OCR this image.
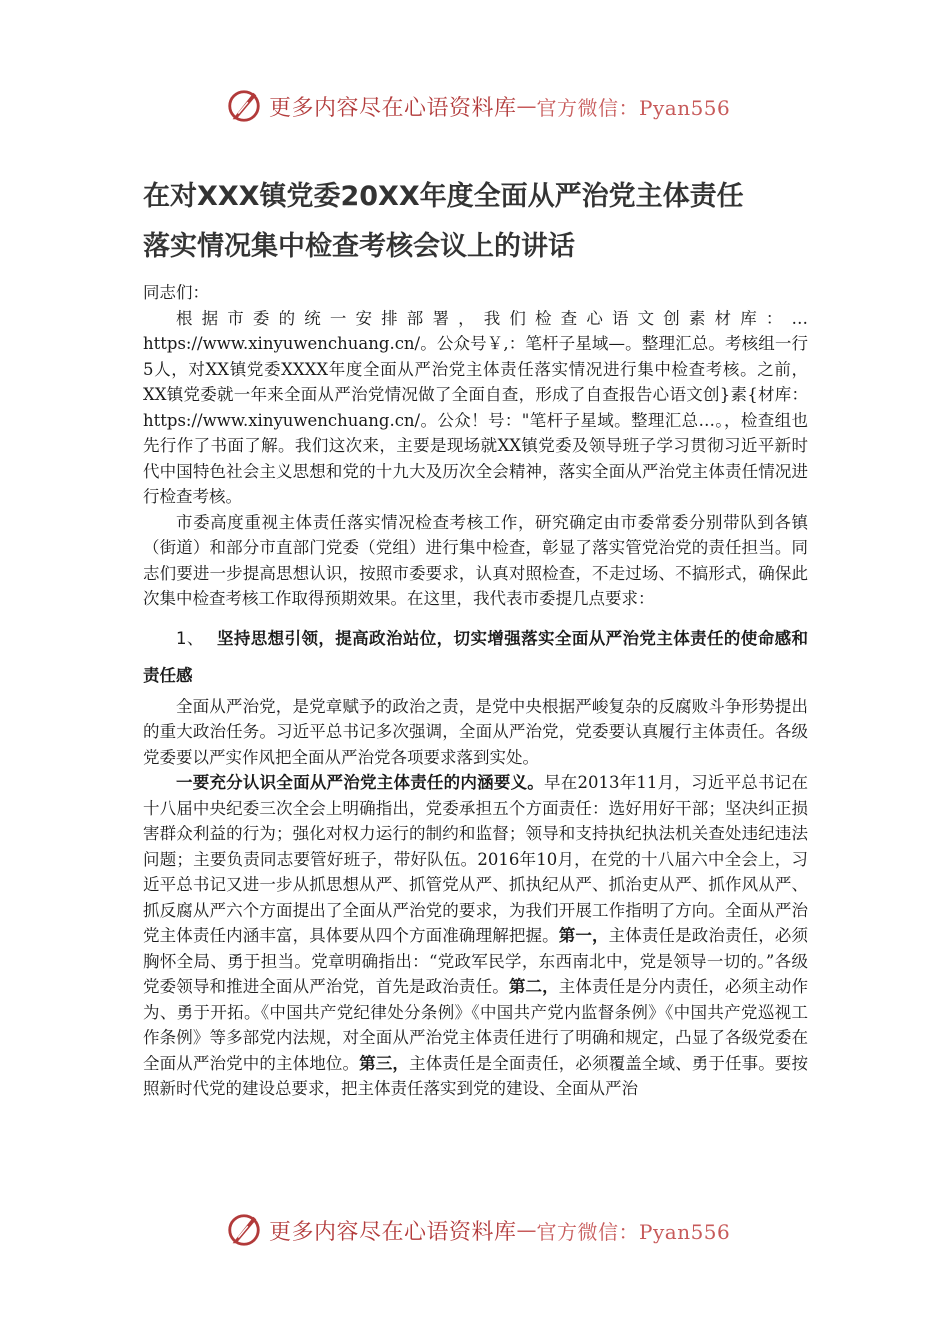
更多内容尽在心语资料库 — 官方微信：Pyan556
在对XXX镇党委20XX年度全面从严治党主体责任
落实情况集中检查考核会议上的讲话

同志们：

根据市委的统一安排部署，我们检查心语文创素材库：…https://www.xinyuwenchuang.cn/。公众号￥,：笔杆子星域—。整理汇总。考核组一行5人，对XX镇党委XXXX年度全面从严治党主体责任落实情况进行集中检查考核。之前，XX镇党委就一年来全面从严治党情况做了全面自查，形成了自查报告心语文创}素{材库：https://www.xinyuwenchuang.cn/。公众！号："笔杆子星域。整理汇总…。，检查组也先行作了书面了解。我们这次来，主要是现场就XX镇党委及领导班子学习贯彻习近平新时代中国特色社会主义思想和党的十九大及历次全会精神，落实全面从严治党主体责任情况进行检查考核。

市委高度重视主体责任落实情况检查考核工作，研究确定由市委常委分别带队到各镇（街道）和部分市直部门党委（党组）进行集中检查，彰显了落实管党治党的责任担当。同志们要进一步提高思想认识，按照市委要求，认真对照检查，不走过场、不搞形式，确保此次集中检查考核工作取得预期效果。在这里，我代表市委提几点要求：

1、 坚持思想引领，提高政治站位，切实增强落实全面从严治党主体责任的使命感和责任感

全面从严治党，是党章赋予的政治之责，是党中央根据严峻复杂的反腐败斗争形势提出的重大政治任务。习近平总书记多次强调，全面从严治党，党委要认真履行主体责任。各级党委要以严实作风把全面从严治党各项要求落到实处。

一要充分认识全面从严治党主体责任的内涵要义。早在2013年11月，习近平总书记在十八届中央纪委三次全会上明确指出，党委承担五个方面责任：选好用好干部；坚决纠正损害群众利益的行为；强化对权力运行的制约和监督；领导和支持执纪执法机关查处违纪违法问题；主要负责同志要管好班子，带好队伍。2016年10月，在党的十八届六中全会上，习近平总书记又进一步从抓思想从严、抓管党从严、抓执纪从严、抓治吏从严、抓作风从严、抓反腐从严六个方面提出了全面从严治党的要求，为我们开展工作指明了方向。全面从严治党主体责任内涵丰富，具体要从四个方面准确理解把握。第一，主体责任是政治责任，必须胸怀全局、勇于担当。党章明确指出：“党政军民学，东西南北中，党是领导一切的。”各级党委领导和推进全面从严治党，首先是政治责任。第二，主体责任是分内责任，必须主动作为、勇于开拓。《中国共产党纪律处分条例》《中国共产党内监督条例》《中国共产党巡视工作条例》等多部党内法规，对全面从严治党主体责任进行了明确和规定，凸显了各级党委在全面从严治党中的主体地位。第三，主体责任是全面责任，必须覆盖全域、勇于任事。要按照新时代党的建设总要求，把主体责任落实到党的建设、全面从严治

更多内容尽在心语资料库 — 官方微信：Pyan556
